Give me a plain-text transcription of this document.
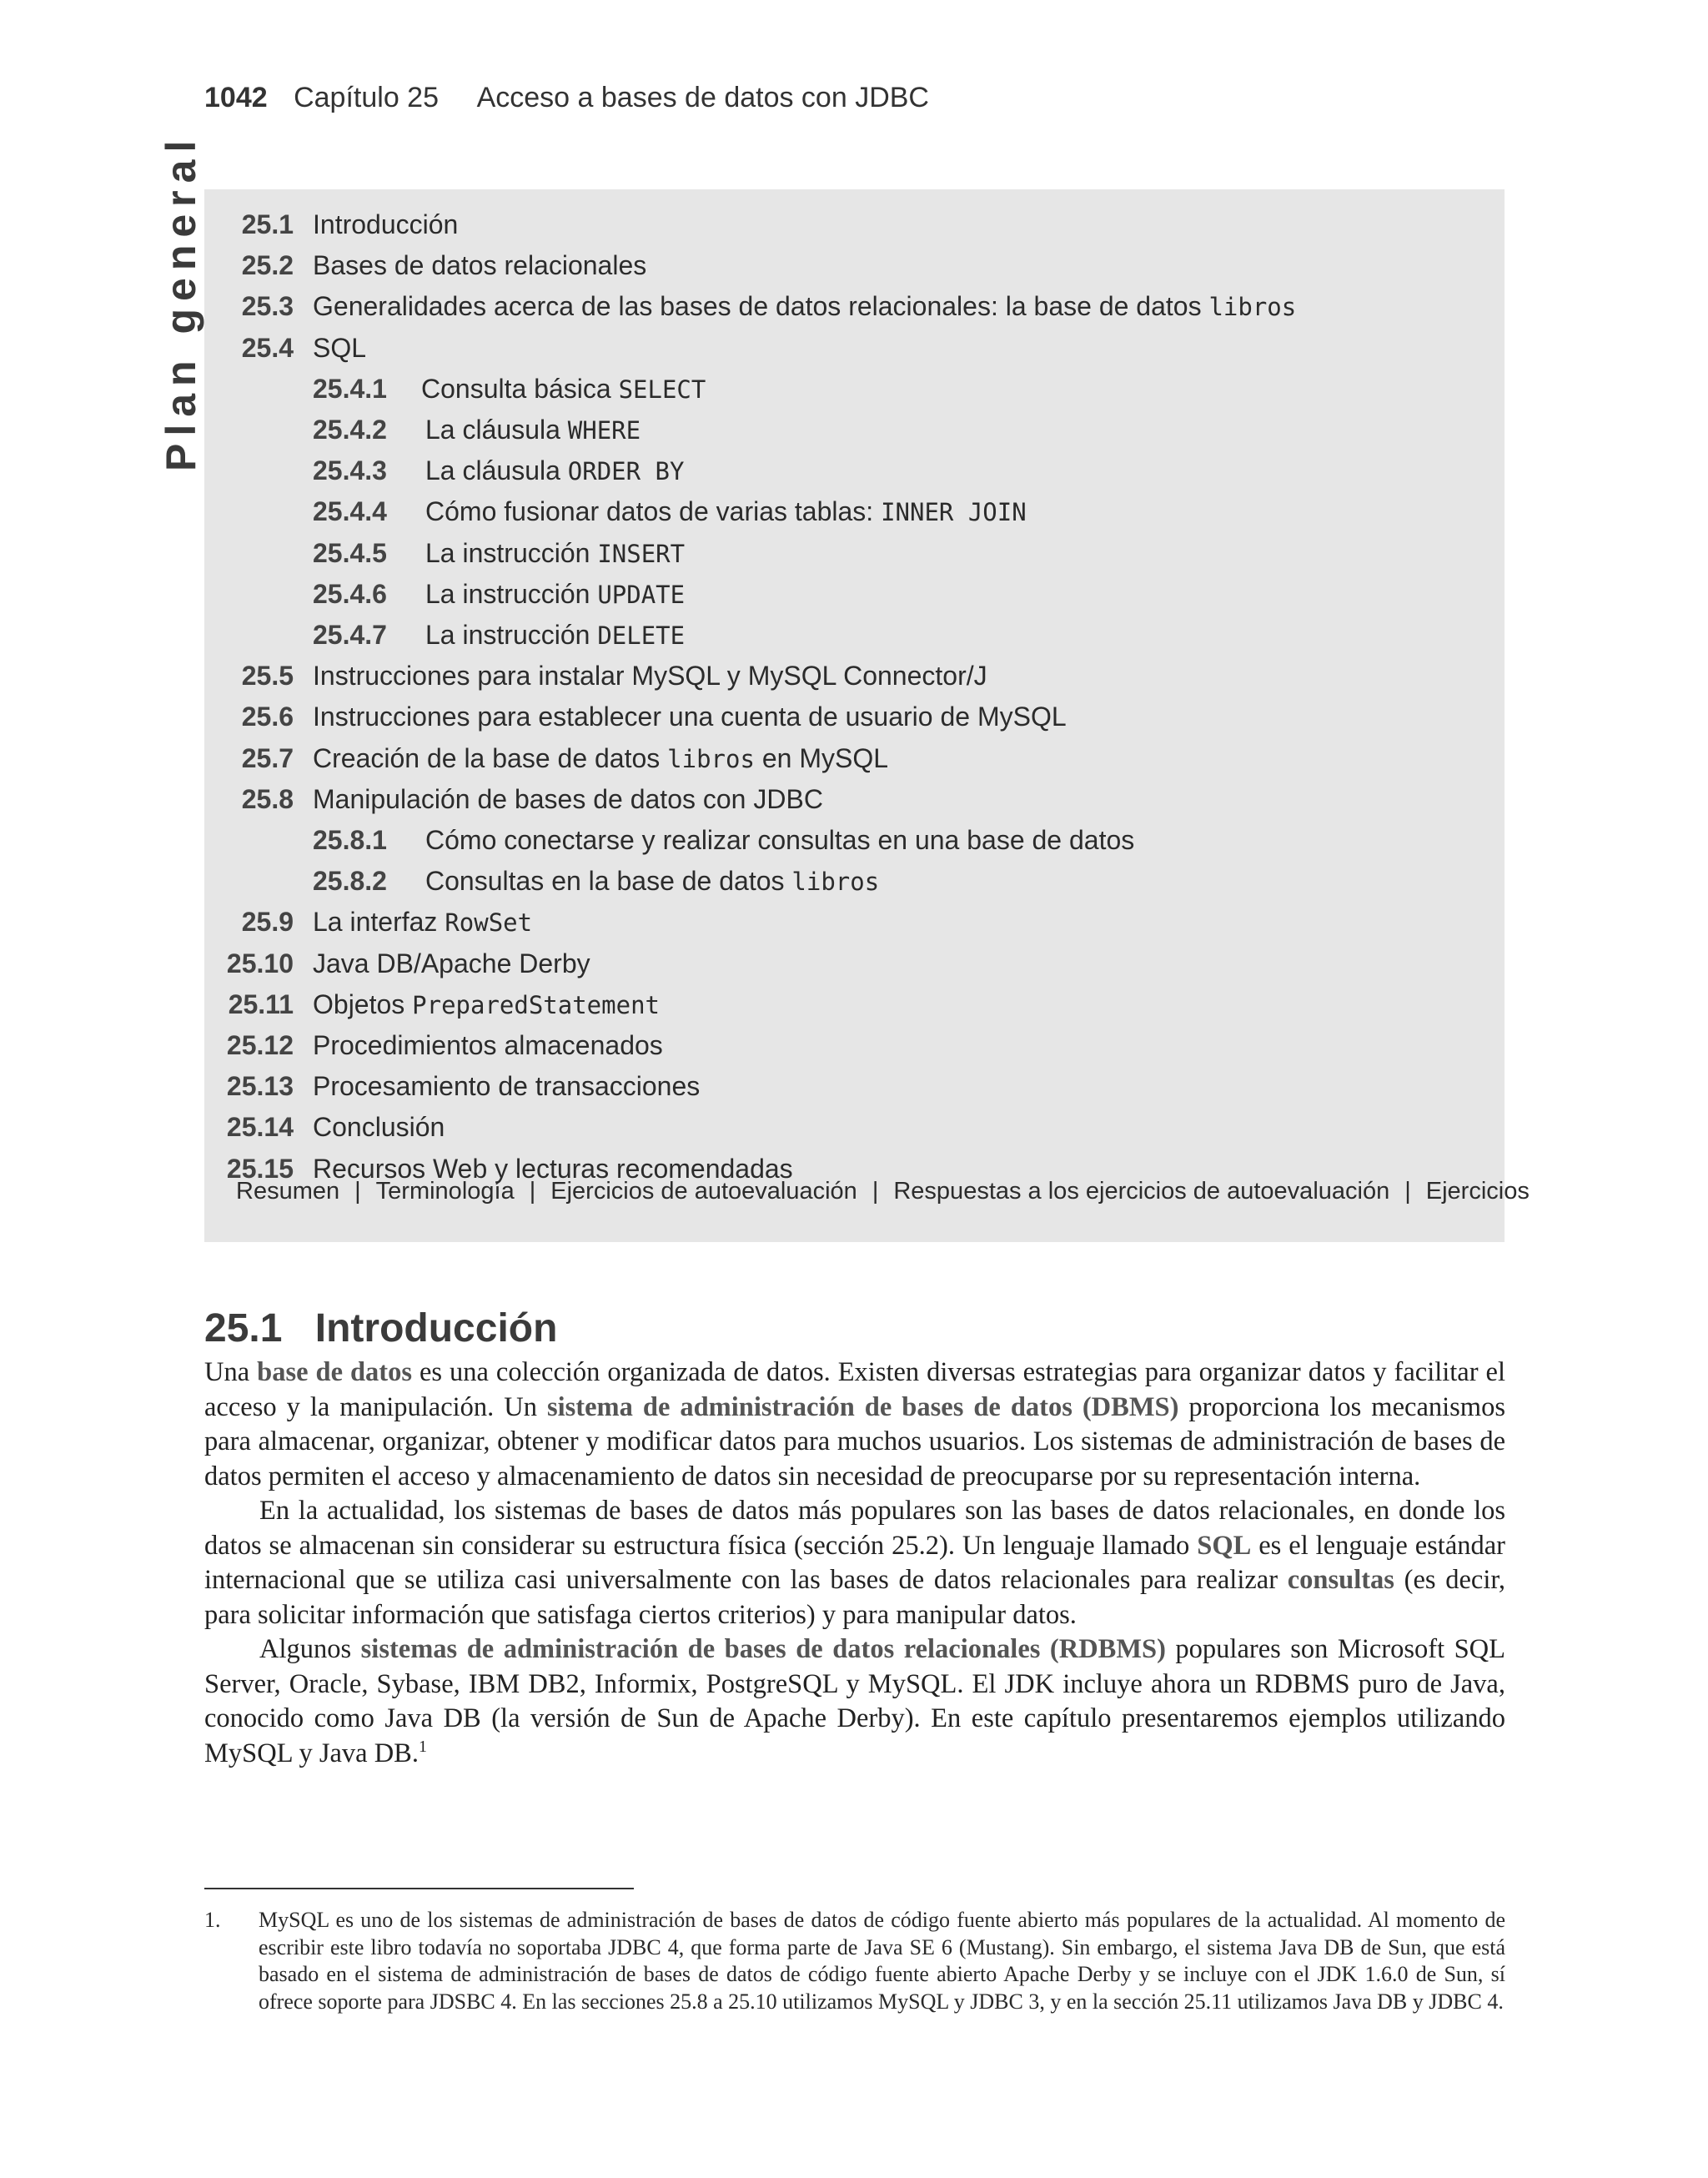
1042 Capítulo 25 Acceso a bases de datos con JDBC
Plan general	25.1 Introducción
25.2 Bases de datos relacionales
25.3 Generalidades acerca de las bases de datos relacionales: la base de datos libros
25.4 SQL
25.4.1 Consulta básica SELECT
25.4.2 La cláusula WHERE
25.4.3 La cláusula ORDER BY
25.4.4 Cómo fusionar datos de varias tablas: INNER JOIN
25.4.5 La instrucción INSERT
25.4.6 La instrucción UPDATE
25.4.7 La instrucción DELETE
25.5 Instrucciones para instalar MySQL y MySQL Connector/J
25.6 Instrucciones para establecer una cuenta de usuario de MySQL
25.7 Creación de la base de datos libros en MySQL
25.8 Manipulación de bases de datos con JDBC
25.8.1 Cómo conectarse y realizar consultas en una base de datos
25.8.2 Consultas en la base de datos libros
25.9 La interfaz RowSet
25.10 Java DB/Apache Derby
25.11 Objetos PreparedStatement
25.12 Procedimientos almacenados
25.13 Procesamiento de transacciones
25.14 Conclusión
25.15 Recursos Web y lecturas recomendadas
Resumen | Terminología | Ejercicios de autoevaluación | Respuestas a los ejercicios de autoevaluación | Ejercicios
25.1 Introducción

Una base de datos es una colección organizada de datos. Existen diversas estrategias para organizar datos y facilitar el acceso y la manipulación. Un sistema de administración de bases de datos (DBMS) proporciona los mecanismos para almacenar, organizar, obtener y modificar datos para muchos usuarios. Los sistemas de administración de bases de datos permiten el acceso y almacenamiento de datos sin necesidad de preocuparse por su representación interna.

En la actualidad, los sistemas de bases de datos más populares son las bases de datos relacionales, en donde los datos se almacenan sin considerar su estructura física (sección 25.2). Un lenguaje llamado SQL es el lenguaje estándar internacional que se utiliza casi universalmente con las bases de datos relacionales para realizar consultas (es decir, para solicitar información que satisfaga ciertos criterios) y para manipular datos.

Algunos sistemas de administración de bases de datos relacionales (RDBMS) populares son Microsoft SQL Server, Oracle, Sybase, IBM DB2, Informix, PostgreSQL y MySQL. El JDK incluye ahora un RDBMS puro de Java, conocido como Java DB (la versión de Sun de Apache Derby). En este capítulo presentaremos ejemplos utilizando MySQL y Java DB.$^1$

1. MySQL es uno de los sistemas de administración de bases de datos de código fuente abierto más populares de la actualidad. Al momento de escribir este libro todavía no soportaba JDBC 4, que forma parte de Java SE 6 (Mustang). Sin embargo, el sistema Java DB de Sun, que está basado en el sistema de administración de bases de datos de código fuente abierto Apache Derby y se incluye con el JDK 1.6.0 de Sun, sí ofrece soporte para JDSBC 4. En las secciones 25.8 a 25.10 utilizamos MySQL y JDBC 3, y en la sección 25.11 utilizamos Java DB y JDBC 4.
